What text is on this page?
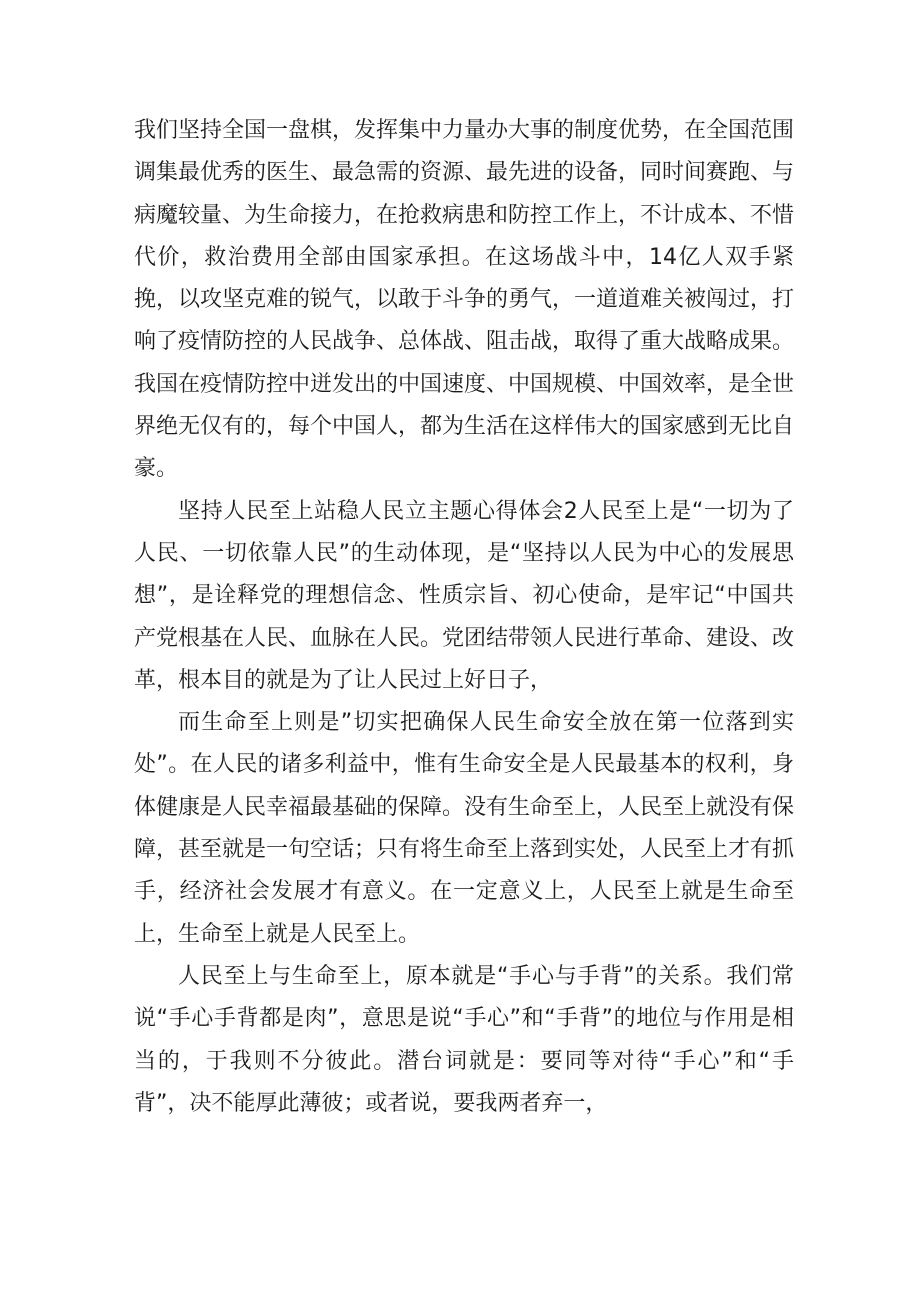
我们坚持全国一盘棋，发挥集中力量办大事的制度优势，在全国范围调集最优秀的医生、最急需的资源、最先进的设备，同时间赛跑、与病魔较量、为生命接力，在抢救病患和防控工作上，不计成本、不惜代价，救治费用全部由国家承担。在这场战斗中，14亿人双手紧挽，以攻坚克难的锐气，以敢于斗争的勇气，一道道难关被闯过，打响了疫情防控的人民战争、总体战、阻击战，取得了重大战略成果。我国在疫情防控中迸发出的中国速度、中国规模、中国效率，是全世界绝无仅有的，每个中国人，都为生活在这样伟大的国家感到无比自豪。

坚持人民至上站稳人民立主题心得体会2人民至上是“一切为了人民、一切依靠人民”的生动体现，是“坚持以人民为中心的发展思想”，是诠释党的理想信念、性质宗旨、初心使命，是牢记“中国共产党根基在人民、血脉在人民。党团结带领人民进行革命、建设、改革，根本目的就是为了让人民过上好日子，

而生命至上则是”切实把确保人民生命安全放在第一位落到实处”。在人民的诸多利益中，惟有生命安全是人民最基本的权利，身体健康是人民幸福最基础的保障。没有生命至上，人民至上就没有保障，甚至就是一句空话；只有将生命至上落到实处，人民至上才有抓手，经济社会发展才有意义。在一定意义上，人民至上就是生命至上，生命至上就是人民至上。

人民至上与生命至上，原本就是“手心与手背”的关系。我们常说“手心手背都是肉”，意思是说“手心”和“手背”的地位与作用是相当的，于我则不分彼此。潜台词就是：要同等对待“手心”和“手背”，决不能厚此薄彼；或者说，要我两者弃一，
